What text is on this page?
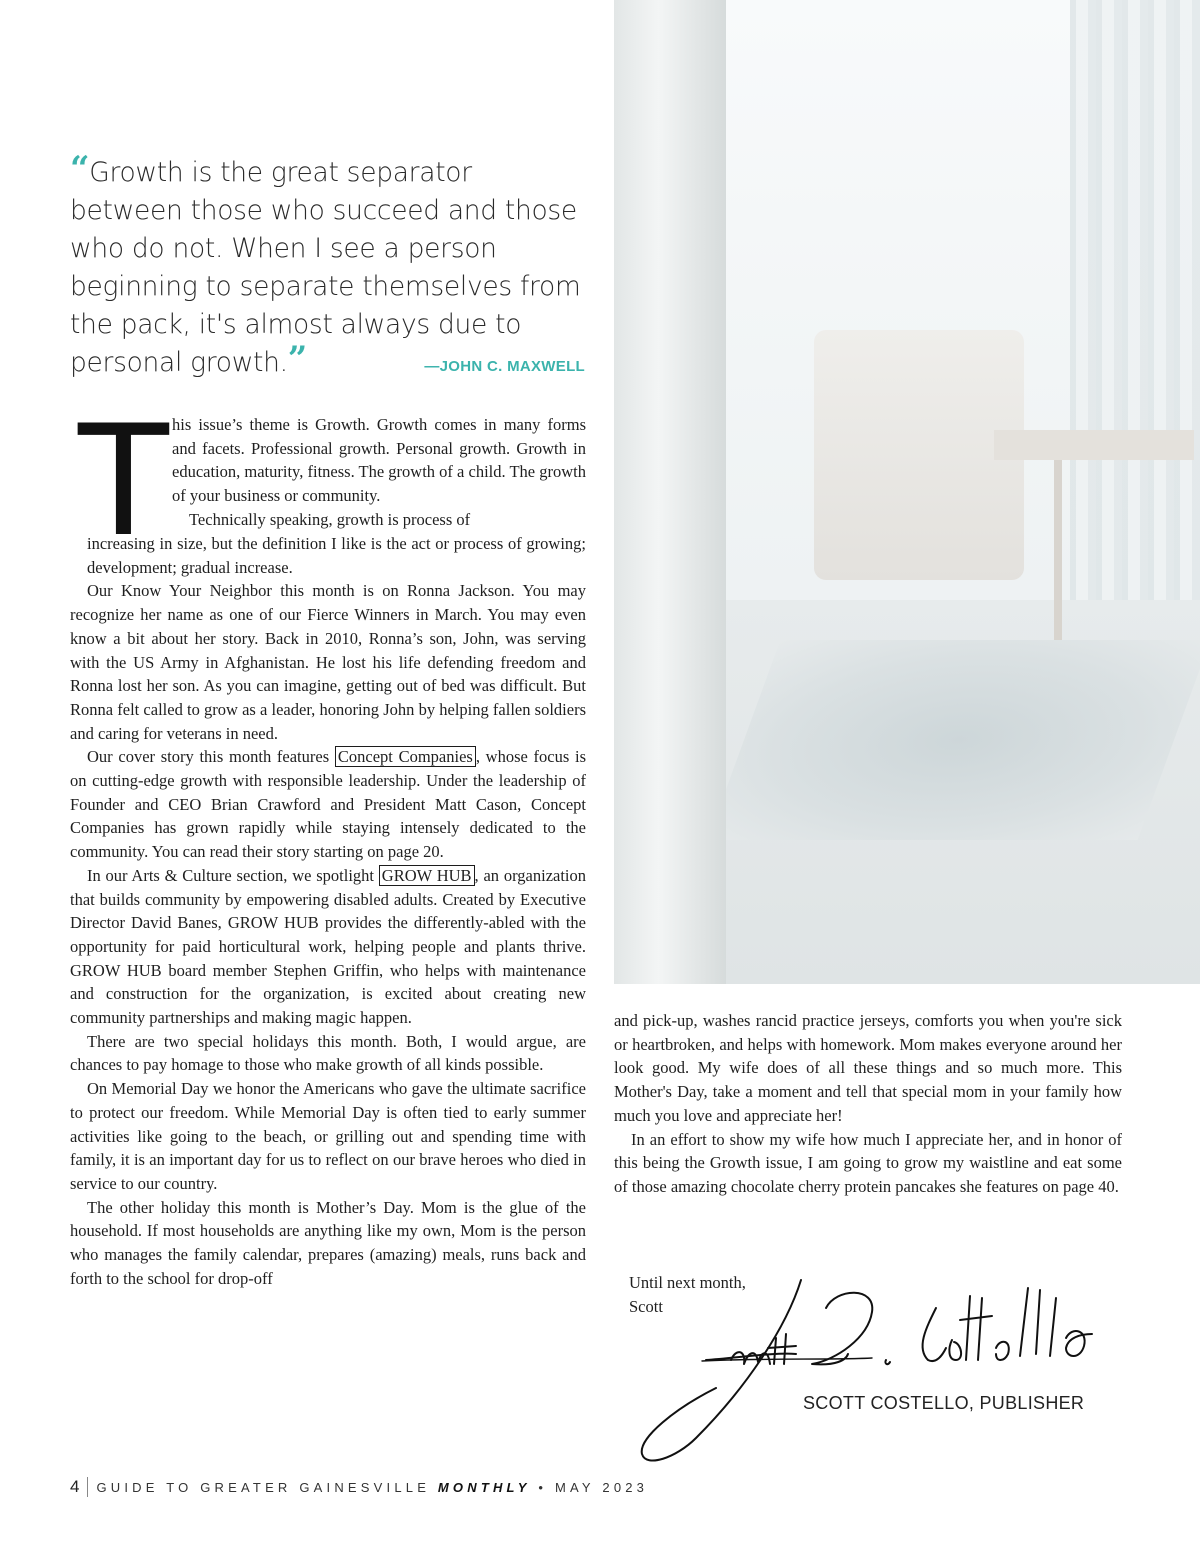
“Growth is the great separator between those who succeed and those who do not. When I see a person beginning to separate themselves from the pack, it's almost always due to personal growth.”	—JOHN C. MAXWELL
T his issue’s theme is Growth. Growth comes in many forms and facets. Professional growth. Personal growth. Growth in education, maturity, fitness. The growth of a child. The growth of your business or community.

Technically speaking, growth is process of

increasing in size, but the definition I like is the act or process of growing; development; gradual increase.

Our Know Your Neighbor this month is on Ronna Jackson. You may recognize her name as one of our Fierce Winners in March. You may even know a bit about her story. Back in 2010, Ronna’s son, John, was serving with the US Army in Afghanistan. He lost his life defending freedom and Ronna lost her son. As you can imagine, getting out of bed was difficult. But Ronna felt called to grow as a leader, honoring John by helping fallen soldiers and caring for veterans in need.

Our cover story this month features Concept Companies , whose focus is on cutting-edge growth with responsible leadership. Under the leadership of Founder and CEO Brian Crawford and President Matt Cason, Concept Companies has grown rapidly while staying intensely dedicated to the community. You can read their story starting on page 20.

In our Arts & Culture section, we spotlight GROW HUB , an organization that builds community by empowering disabled adults. Created by Executive Director David Banes, GROW HUB provides the differently-abled with the opportunity for paid horticultural work, helping people and plants thrive. GROW HUB board member Stephen Griffin, who helps with maintenance and construction for the organization, is excited about creating new community partnerships and making magic happen.

There are two special holidays this month. Both, I would argue, are chances to pay homage to those who make growth of all kinds possible.

On Memorial Day we honor the Americans who gave the ultimate sacrifice to protect our freedom. While Memorial Day is often tied to early summer activities like going to the beach, or grilling out and spending time with family, it is an important day for us to reflect on our brave heroes who died in service to our country.

The other holiday this month is Mother’s Day. Mom is the glue of the household. If most households are anything like my own, Mom is the person who manages the family calendar, prepares (amazing) meals, runs back and forth to the school for drop-off

and pick-up, washes rancid practice jerseys, comforts you when you're sick or heartbroken, and helps with homework. Mom makes everyone around her look good. My wife does of all these things and so much more. This Mother's Day, take a moment and tell that special mom in your family how much you love and appreciate her!

In an effort to show my wife how much I appreciate her, and in honor of this being the Growth issue, I am going to grow my waistline and eat some of those amazing chocolate cherry protein pancakes she features on page 40.

Until next month,
Scott
SCOTT COSTELLO, PUBLISHER
4 GUIDE TO GREATER GAINESVILLE MONTHLY • MAY 2023
